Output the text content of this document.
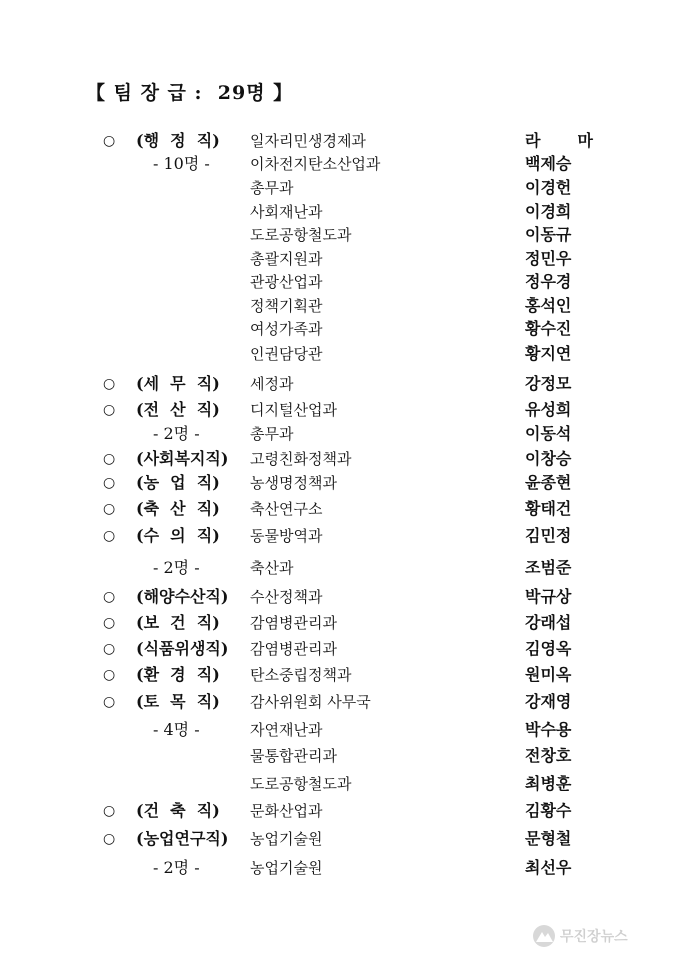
【 팀 장 급 :  29명 】
○ (행  정  직) 일자리민생경제과	라  마
- 10명 -	이차전지탄소산업과	백제승
총무과	이경헌
사회재난과	이경희
도로공항철도과	이동규
총괄지원과	정민우
관광산업과	정우경
정책기획관	홍석인
여성가족과	황수진
인권담당관	황지연
○ (세  무  직) 세정과	강정모
○ (전  산  직) 디지털산업과	유성희
- 2명 -	총무과	이동석
○ (사회복지직) 고령친화정책과	이창승
○ (농  업  직) 농생명정책과	윤종현
○ (축  산  직) 축산연구소	황태건
○ (수  의  직) 동물방역과	김민정
- 2명 -	축산과	조범준
○ (해양수산직) 수산정책과	박규상
○ (보  건  직) 감염병관리과	강래섭
○ (식품위생직) 감염병관리과	김영옥
○ (환  경  직) 탄소중립정책과	원미옥
○ (토  목  직) 감사위원회 사무국	강재영
- 4명 -	자연재난과	박수용
물통합관리과	전창호
도로공항철도과	최병훈
○ (건  축  직) 문화산업과	김황수
○ (농업연구직) 농업기술원	문형철
- 2명 -	농업기술원	최선우
무진장뉴스
